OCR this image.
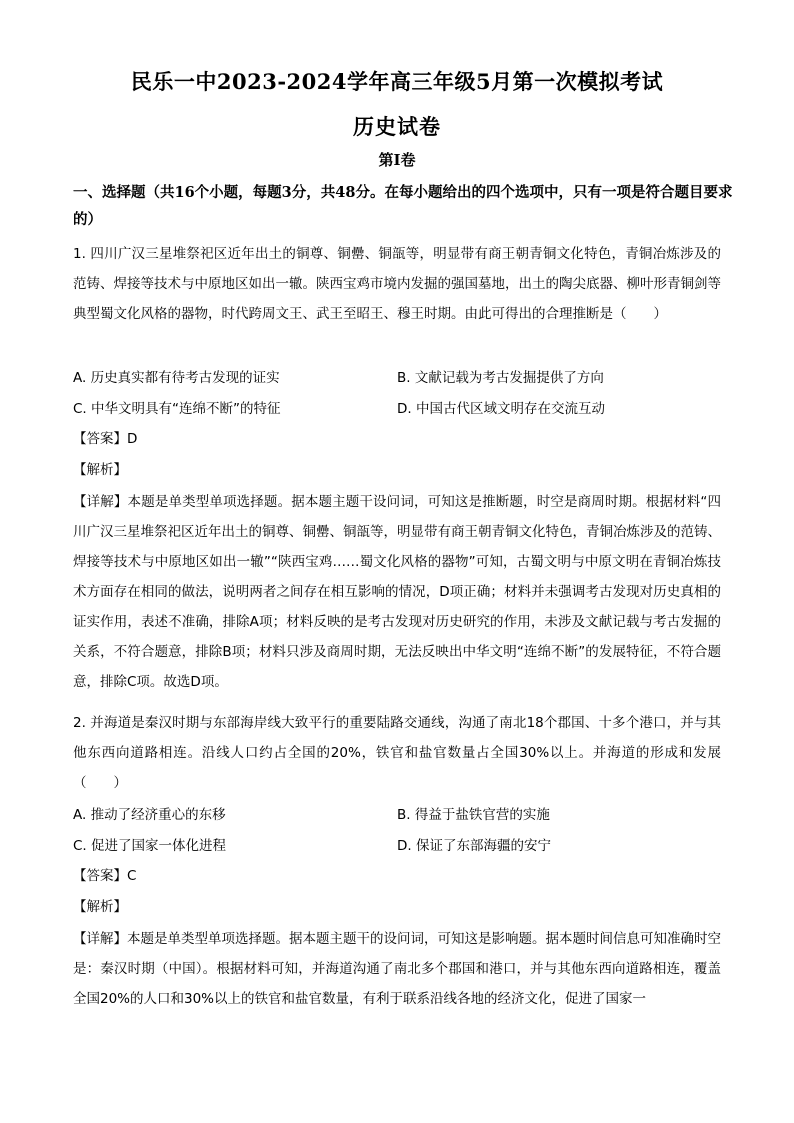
民乐一中2023-2024学年高三年级5月第一次模拟考试
历史试卷
第Ⅰ卷
一、选择题（共16个小题，每题3分，共48分。在每小题给出的四个选项中，只有一项是符合题目要求的）
1. 四川广汉三星堆祭祀区近年出土的铜尊、铜罍、铜瓿等，明显带有商王朝青铜文化特色，青铜冶炼涉及的范铸、焊接等技术与中原地区如出一辙。陕西宝鸡市境内发掘的强国墓地，出土的陶尖底器、柳叶形青铜剑等典型蜀文化风格的器物，时代跨周文王、武王至昭王、穆王时期。由此可得出的合理推断是（　　）
A. 历史真实都有待考古发现的证实	B. 文献记载为考古发掘提供了方向
C. 中华文明具有“连绵不断”的特征	D. 中国古代区域文明存在交流互动
【答案】D
【解析】
【详解】本题是单类型单项选择题。据本题主题干设问词，可知这是推断题，时空是商周时期。根据材料“四川广汉三星堆祭祀区近年出土的铜尊、铜罍、铜瓿等，明显带有商王朝青铜文化特色，青铜冶炼涉及的范铸、焊接等技术与中原地区如出一辙”“陕西宝鸡……蜀文化风格的器物”可知，古蜀文明与中原文明在青铜冶炼技术方面存在相同的做法，说明两者之间存在相互影响的情况，D项正确；材料并未强调考古发现对历史真相的证实作用，表述不准确，排除A项；材料反映的是考古发现对历史研究的作用，未涉及文献记载与考古发掘的关系，不符合题意，排除B项；材料只涉及商周时期，无法反映出中华文明“连绵不断”的发展特征，不符合题意，排除C项。故选D项。
2. 并海道是秦汉时期与东部海岸线大致平行的重要陆路交通线，沟通了南北18个郡国、十多个港口，并与其他东西向道路相连。沿线人口约占全国的20%，铁官和盐官数量占全国30%以上。并海道的形成和发展（　　）
A. 推动了经济重心的东移	B. 得益于盐铁官营的实施
C. 促进了国家一体化进程	D. 保证了东部海疆的安宁
【答案】C
【解析】
【详解】本题是单类型单项选择题。据本题主题干的设问词，可知这是影响题。据本题时间信息可知准确时空是：秦汉时期（中国）。根据材料可知，并海道沟通了南北多个郡国和港口，并与其他东西向道路相连，覆盖全国20%的人口和30%以上的铁官和盐官数量，有利于联系沿线各地的经济文化，促进了国家一
